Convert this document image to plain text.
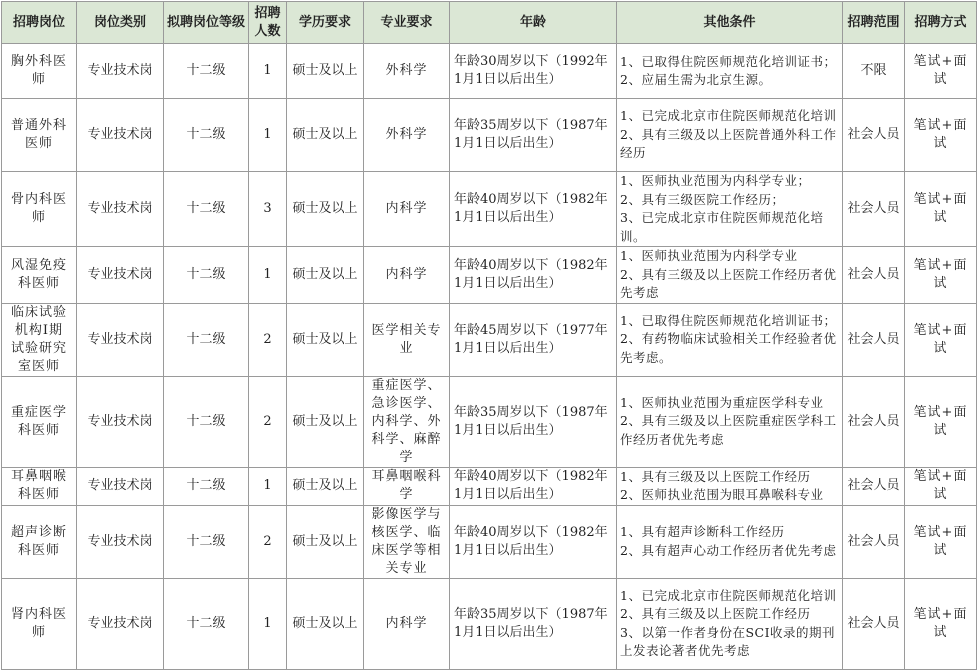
招聘岗位	岗位类别	拟聘岗位等级	招聘人数	学历要求	专业要求	年龄	其他条件	招聘范围	招聘方式
胸外科医师	专业技术岗	十二级	1	硕士及以上	外科学	年龄30周岁以下（1992年1月1日以后出生）	1、已取得住院医师规范化培训证书；
2、应届生需为北京生源。	不限	笔试+面试
普通外科医师	专业技术岗	十二级	1	硕士及以上	外科学	年龄35周岁以下（1987年1月1日以后出生）	1、已完成北京市住院医师规范化培训
2、具有三级及以上医院普通外科工作经历	社会人员	笔试+面试
骨内科医师	专业技术岗	十二级	3	硕士及以上	内科学	年龄40周岁以下（1982年1月1日以后出生）	1、医师执业范围为内科学专业；
2、具有三级医院工作经历；
3、已完成北京市住院医师规范化培训。	社会人员	笔试+面试
风湿免疫科医师	专业技术岗	十二级	1	硕士及以上	内科学	年龄40周岁以下（1982年1月1日以后出生）	1、医师执业范围为内科学专业
2、具有三级及以上医院工作经历者优先考虑	社会人员	笔试+面试
临床试验机构I期试验研究室医师	专业技术岗	十二级	2	硕士及以上	医学相关专业	年龄45周岁以下（1977年1月1日以后出生）	1、已取得住院医师规范化培训证书；
2、有药物临床试验相关工作经验者优先考虑。	社会人员	笔试+面试
重症医学科医师	专业技术岗	十二级	2	硕士及以上	重症医学、急诊医学、内科学、外科学、麻醉学	年龄35周岁以下（1987年1月1日以后出生）	1、医师执业范围为重症医学科专业
2、具有三级及以上医院重症医学科工作经历者优先考虑	社会人员	笔试+面试
耳鼻咽喉科医师	专业技术岗	十二级	1	硕士及以上	耳鼻咽喉科学	年龄40周岁以下（1982年1月1日以后出生）	1、具有三级及以上医院工作经历
2、医师执业范围为眼耳鼻喉科专业	社会人员	笔试+面试
超声诊断科医师	专业技术岗	十二级	2	硕士及以上	影像医学与核医学、临床医学等相关专业	年龄40周岁以下（1982年1月1日以后出生）	1、具有超声诊断科工作经历
2、具有超声心动工作经历者优先考虑	社会人员	笔试+面试
肾内科医师	专业技术岗	十二级	1	硕士及以上	内科学	年龄35周岁以下（1987年1月1日以后出生）	1、已完成北京市住院医师规范化培训
2、具有三级及以上医院工作经历
3、以第一作者身份在SCI收录的期刊上发表论著者优先考虑	社会人员	笔试+面试
